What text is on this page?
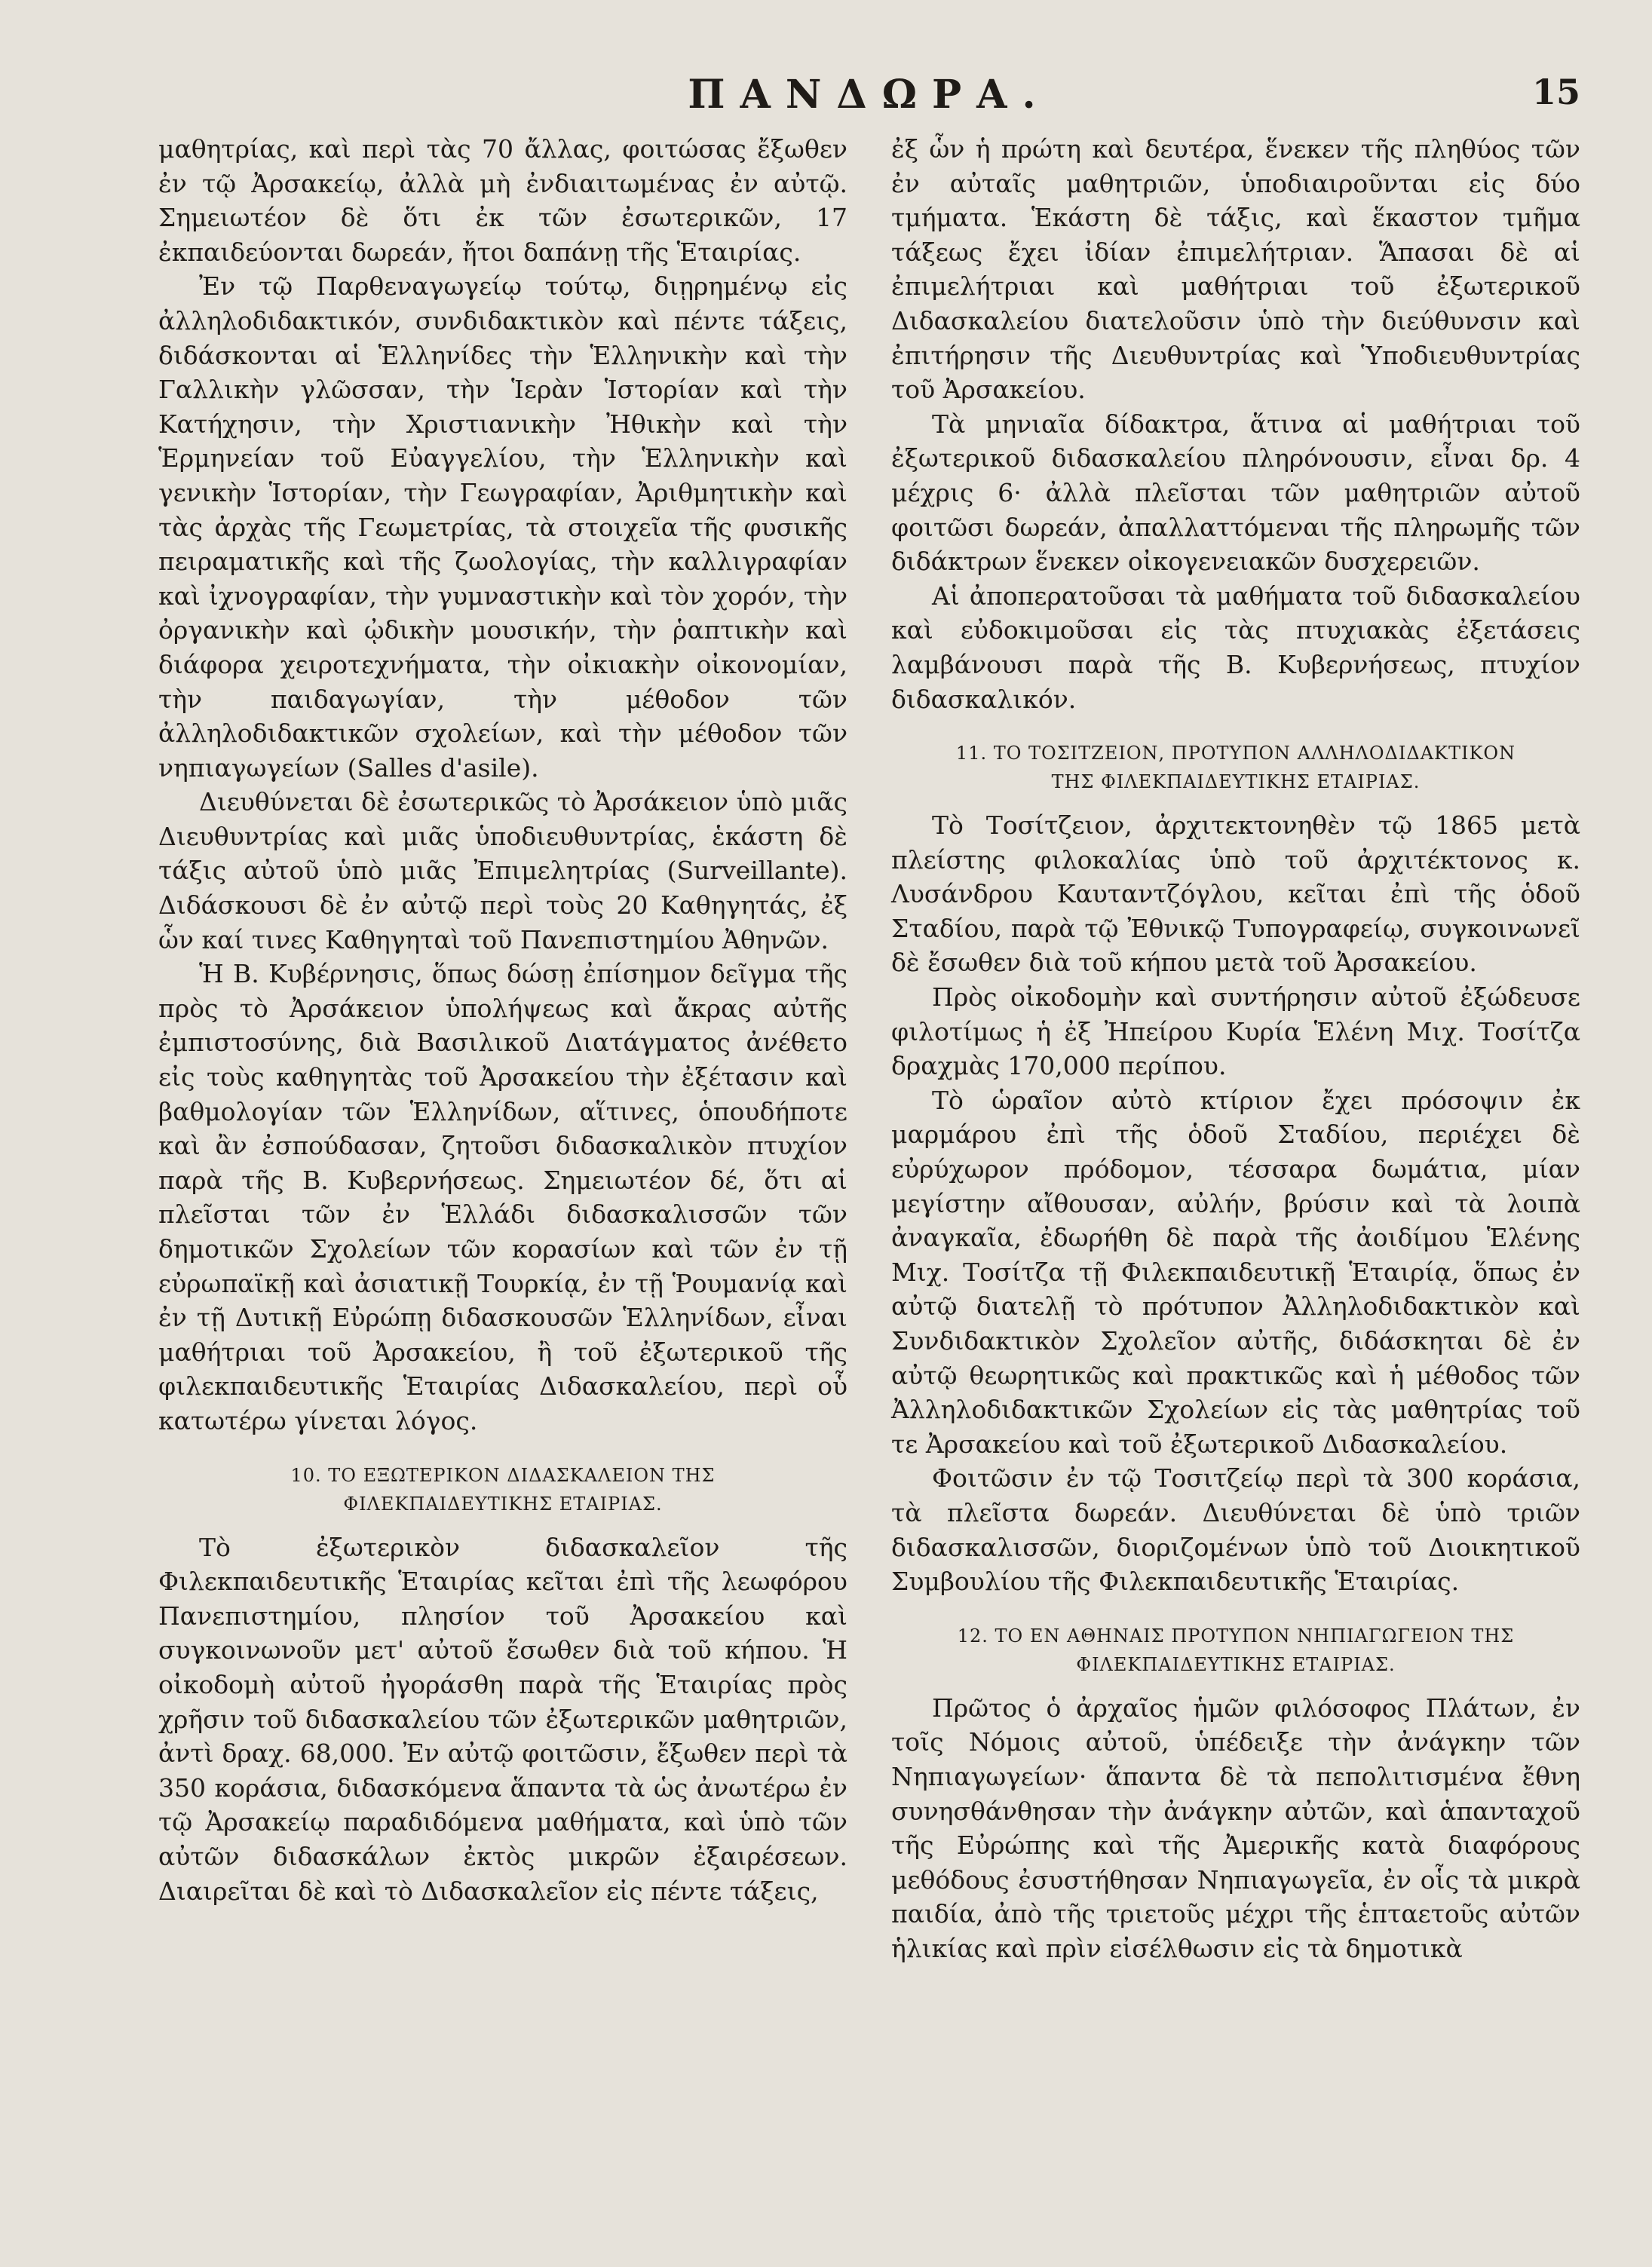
ΠΑΝΔΩΡΑ.	15

μαθητρίας, καὶ περὶ τὰς 70 ἄλλας, φοιτώσας ἔξωθεν ἐν τῷ Ἀρσακείῳ, ἀλλὰ μὴ ἐνδιαιτωμένας ἐν αὐτῷ. Σημειωτέον δὲ ὅτι ἐκ τῶν ἐσωτερικῶν, 17 ἐκπαιδεύονται δωρεάν, ἤτοι δαπάνῃ τῆς Ἑταιρίας.

Ἐν τῷ Παρθεναγωγείῳ τούτῳ, διῃρημένῳ εἰς ἀλληλοδιδακτικόν, συνδιδακτικὸν καὶ πέντε τάξεις, διδάσκονται αἱ Ἑλληνίδες τὴν Ἑλληνικὴν καὶ τὴν Γαλλικὴν γλῶσσαν, τὴν Ἱερὰν Ἱστορίαν καὶ τὴν Κατήχησιν, τὴν Χριστιανικὴν Ἠθικὴν καὶ τὴν Ἑρμηνείαν τοῦ Εὐαγγελίου, τὴν Ἑλληνικὴν καὶ γενικὴν Ἱστορίαν, τὴν Γεωγραφίαν, Ἀριθμητικὴν καὶ τὰς ἀρχὰς τῆς Γεωμετρίας, τὰ στοιχεῖα τῆς φυσικῆς πειραματικῆς καὶ τῆς ζωολογίας, τὴν καλλιγραφίαν καὶ ἰχνογραφίαν, τὴν γυμναστικὴν καὶ τὸν χορόν, τὴν ὀργανικὴν καὶ ᾠδικὴν μουσικήν, τὴν ῥαπτικὴν καὶ διάφορα χειροτεχνήματα, τὴν οἰκιακὴν οἰκονομίαν, τὴν παιδαγωγίαν, τὴν μέθοδον τῶν ἀλληλοδιδακτικῶν σχολείων, καὶ τὴν μέθοδον τῶν νηπιαγωγείων (Salles d'asile).

Διευθύνεται δὲ ἐσωτερικῶς τὸ Ἀρσάκειον ὑπὸ μιᾶς Διευθυντρίας καὶ μιᾶς ὑποδιευθυντρίας, ἑκάστη δὲ τάξις αὐτοῦ ὑπὸ μιᾶς Ἐπιμελητρίας (Surveillante). Διδάσκουσι δὲ ἐν αὐτῷ περὶ τοὺς 20 Καθηγητάς, ἐξ ὧν καί τινες Καθηγηταὶ τοῦ Πανεπιστημίου Ἀθηνῶν.

Ἡ Β. Κυβέρνησις, ὅπως δώσῃ ἐπίσημον δεῖγμα τῆς πρὸς τὸ Ἀρσάκειον ὑπολήψεως καὶ ἄκρας αὐτῆς ἐμπιστοσύνης, διὰ Βασιλικοῦ Διατάγματος ἀνέθετο εἰς τοὺς καθηγητὰς τοῦ Ἀρσακείου τὴν ἐξέτασιν καὶ βαθμολογίαν τῶν Ἑλληνίδων, αἵτινες, ὁπουδήποτε καὶ ἂν ἐσπούδασαν, ζητοῦσι διδασκαλικὸν πτυχίον παρὰ τῆς Β. Κυβερνήσεως. Σημειωτέον δέ, ὅτι αἱ πλεῖσται τῶν ἐν Ἑλλάδι διδασκαλισσῶν τῶν δημοτικῶν Σχολείων τῶν κορασίων καὶ τῶν ἐν τῇ εὐρωπαϊκῇ καὶ ἀσιατικῇ Τουρκίᾳ, ἐν τῇ Ῥουμανίᾳ καὶ ἐν τῇ Δυτικῇ Εὐρώπῃ διδασκουσῶν Ἑλληνίδων, εἶναι μαθήτριαι τοῦ Ἀρσακείου, ἢ τοῦ ἐξωτερικοῦ τῆς φιλεκπαιδευτικῆς Ἑταιρίας Διδασκαλείου, περὶ οὗ κατωτέρω γίνεται λόγος.

10. ΤΟ ΕΞΩΤΕΡΙΚΟΝ ΔΙΔΑΣΚΑΛΕΙΟΝ ΤΗΣ
ΦΙΛΕΚΠΑΙΔΕΥΤΙΚΗΣ ΕΤΑΙΡΙΑΣ.

Τὸ ἐξωτερικὸν διδασκαλεῖον τῆς Φιλεκπαιδευτικῆς Ἑταιρίας κεῖται ἐπὶ τῆς λεωφόρου Πανεπιστημίου, πλησίον τοῦ Ἀρσακείου καὶ συγκοινωνοῦν μετ' αὐτοῦ ἔσωθεν διὰ τοῦ κήπου. Ἡ οἰκοδομὴ αὐτοῦ ἠγοράσθη παρὰ τῆς Ἑταιρίας πρὸς χρῆσιν τοῦ διδασκαλείου τῶν ἐξωτερικῶν μαθητριῶν, ἀντὶ δραχ. 68,000. Ἐν αὐτῷ φοιτῶσιν, ἔξωθεν περὶ τὰ 350 κοράσια, διδασκόμενα ἅπαντα τὰ ὡς ἀνωτέρω ἐν τῷ Ἀρσακείῳ παραδιδόμενα μαθήματα, καὶ ὑπὸ τῶν αὐτῶν διδασκάλων ἐκτὸς μικρῶν ἐξαιρέσεων. Διαιρεῖται δὲ καὶ τὸ Διδασκαλεῖον εἰς πέντε τάξεις,

ἐξ ὧν ἡ πρώτη καὶ δευτέρα, ἕνεκεν τῆς πληθύος τῶν ἐν αὐταῖς μαθητριῶν, ὑποδιαιροῦνται εἰς δύο τμήματα. Ἑκάστη δὲ τάξις, καὶ ἕκαστον τμῆμα τάξεως ἔχει ἰδίαν ἐπιμελήτριαν. Ἅπασαι δὲ αἱ ἐπιμελήτριαι καὶ μαθήτριαι τοῦ ἐξωτερικοῦ Διδασκαλείου διατελοῦσιν ὑπὸ τὴν διεύθυνσιν καὶ ἐπιτήρησιν τῆς Διευθυντρίας καὶ Ὑποδιευθυντρίας τοῦ Ἀρσακείου.

Τὰ μηνιαῖα δίδακτρα, ἅτινα αἱ μαθήτριαι τοῦ ἐξωτερικοῦ διδασκαλείου πληρόνουσιν, εἶναι δρ. 4 μέχρις 6· ἀλλὰ πλεῖσται τῶν μαθητριῶν αὐτοῦ φοιτῶσι δωρεάν, ἀπαλλαττόμεναι τῆς πληρωμῆς τῶν διδάκτρων ἕνεκεν οἰκογενειακῶν δυσχερειῶν.

Αἱ ἀποπερατοῦσαι τὰ μαθήματα τοῦ διδασκαλείου καὶ εὐδοκιμοῦσαι εἰς τὰς πτυχιακὰς ἐξετάσεις λαμβάνουσι παρὰ τῆς Β. Κυβερνήσεως, πτυχίον διδασκαλικόν.

11. ΤΟ ΤΟΣΙΤΖΕΙΟΝ, ΠΡΟΤΥΠΟΝ ΑΛΛΗΛΟΔΙΔΑΚΤΙΚΟΝ
ΤΗΣ ΦΙΛΕΚΠΑΙΔΕΥΤΙΚΗΣ ΕΤΑΙΡΙΑΣ.

Τὸ Τοσίτζειον, ἀρχιτεκτονηθὲν τῷ 1865 μετὰ πλείστης φιλοκαλίας ὑπὸ τοῦ ἀρχιτέκτονος κ. Λυσάνδρου Καυταντζόγλου, κεῖται ἐπὶ τῆς ὁδοῦ Σταδίου, παρὰ τῷ Ἐθνικῷ Τυπογραφείῳ, συγκοινωνεῖ δὲ ἔσωθεν διὰ τοῦ κήπου μετὰ τοῦ Ἀρσακείου.

Πρὸς οἰκοδομὴν καὶ συντήρησιν αὐτοῦ ἐξώδευσε φιλοτίμως ἡ ἐξ Ἠπείρου Κυρία Ἑλένη Μιχ. Τοσίτζα δραχμὰς 170,000 περίπου.

Τὸ ὡραῖον αὐτὸ κτίριον ἔχει πρόσοψιν ἐκ μαρμάρου ἐπὶ τῆς ὁδοῦ Σταδίου, περιέχει δὲ εὐρύχωρον πρόδομον, τέσσαρα δωμάτια, μίαν μεγίστην αἴθουσαν, αὐλήν, βρύσιν καὶ τὰ λοιπὰ ἀναγκαῖα, ἐδωρήθη δὲ παρὰ τῆς ἀοιδίμου Ἑλένης Μιχ. Τοσίτζα τῇ Φιλεκπαιδευτικῇ Ἑταιρίᾳ, ὅπως ἐν αὐτῷ διατελῇ τὸ πρότυπον Ἀλληλοδιδακτικὸν καὶ Συνδιδακτικὸν Σχολεῖον αὐτῆς, διδάσκηται δὲ ἐν αὐτῷ θεωρητικῶς καὶ πρακτικῶς καὶ ἡ μέθοδος τῶν Ἀλληλοδιδακτικῶν Σχολείων εἰς τὰς μαθητρίας τοῦ τε Ἀρσακείου καὶ τοῦ ἐξωτερικοῦ Διδασκαλείου.

Φοιτῶσιν ἐν τῷ Τοσιτζείῳ περὶ τὰ 300 κοράσια, τὰ πλεῖστα δωρεάν. Διευθύνεται δὲ ὑπὸ τριῶν διδασκαλισσῶν, διοριζομένων ὑπὸ τοῦ Διοικητικοῦ Συμβουλίου τῆς Φιλεκπαιδευτικῆς Ἑταιρίας.

12. ΤΟ ΕΝ ΑΘΗΝΑΙΣ ΠΡΟΤΥΠΟΝ ΝΗΠΙΑΓΩΓΕΙΟΝ ΤΗΣ
ΦΙΛΕΚΠΑΙΔΕΥΤΙΚΗΣ ΕΤΑΙΡΙΑΣ.

Πρῶτος ὁ ἀρχαῖος ἡμῶν φιλόσοφος Πλάτων, ἐν τοῖς Νόμοις αὐτοῦ, ὑπέδειξε τὴν ἀνάγκην τῶν Νηπιαγωγείων· ἅπαντα δὲ τὰ πεπολιτισμένα ἔθνη συνησθάνθησαν τὴν ἀνάγκην αὐτῶν, καὶ ἁπανταχοῦ τῆς Εὐρώπης καὶ τῆς Ἀμερικῆς κατὰ διαφόρους μεθόδους ἐσυστήθησαν Νηπιαγωγεῖα, ἐν οἷς τὰ μικρὰ παιδία, ἀπὸ τῆς τριετοῦς μέχρι τῆς ἑπταετοῦς αὐτῶν ἡλικίας καὶ πρὶν εἰσέλθωσιν εἰς τὰ δημοτικὰ
